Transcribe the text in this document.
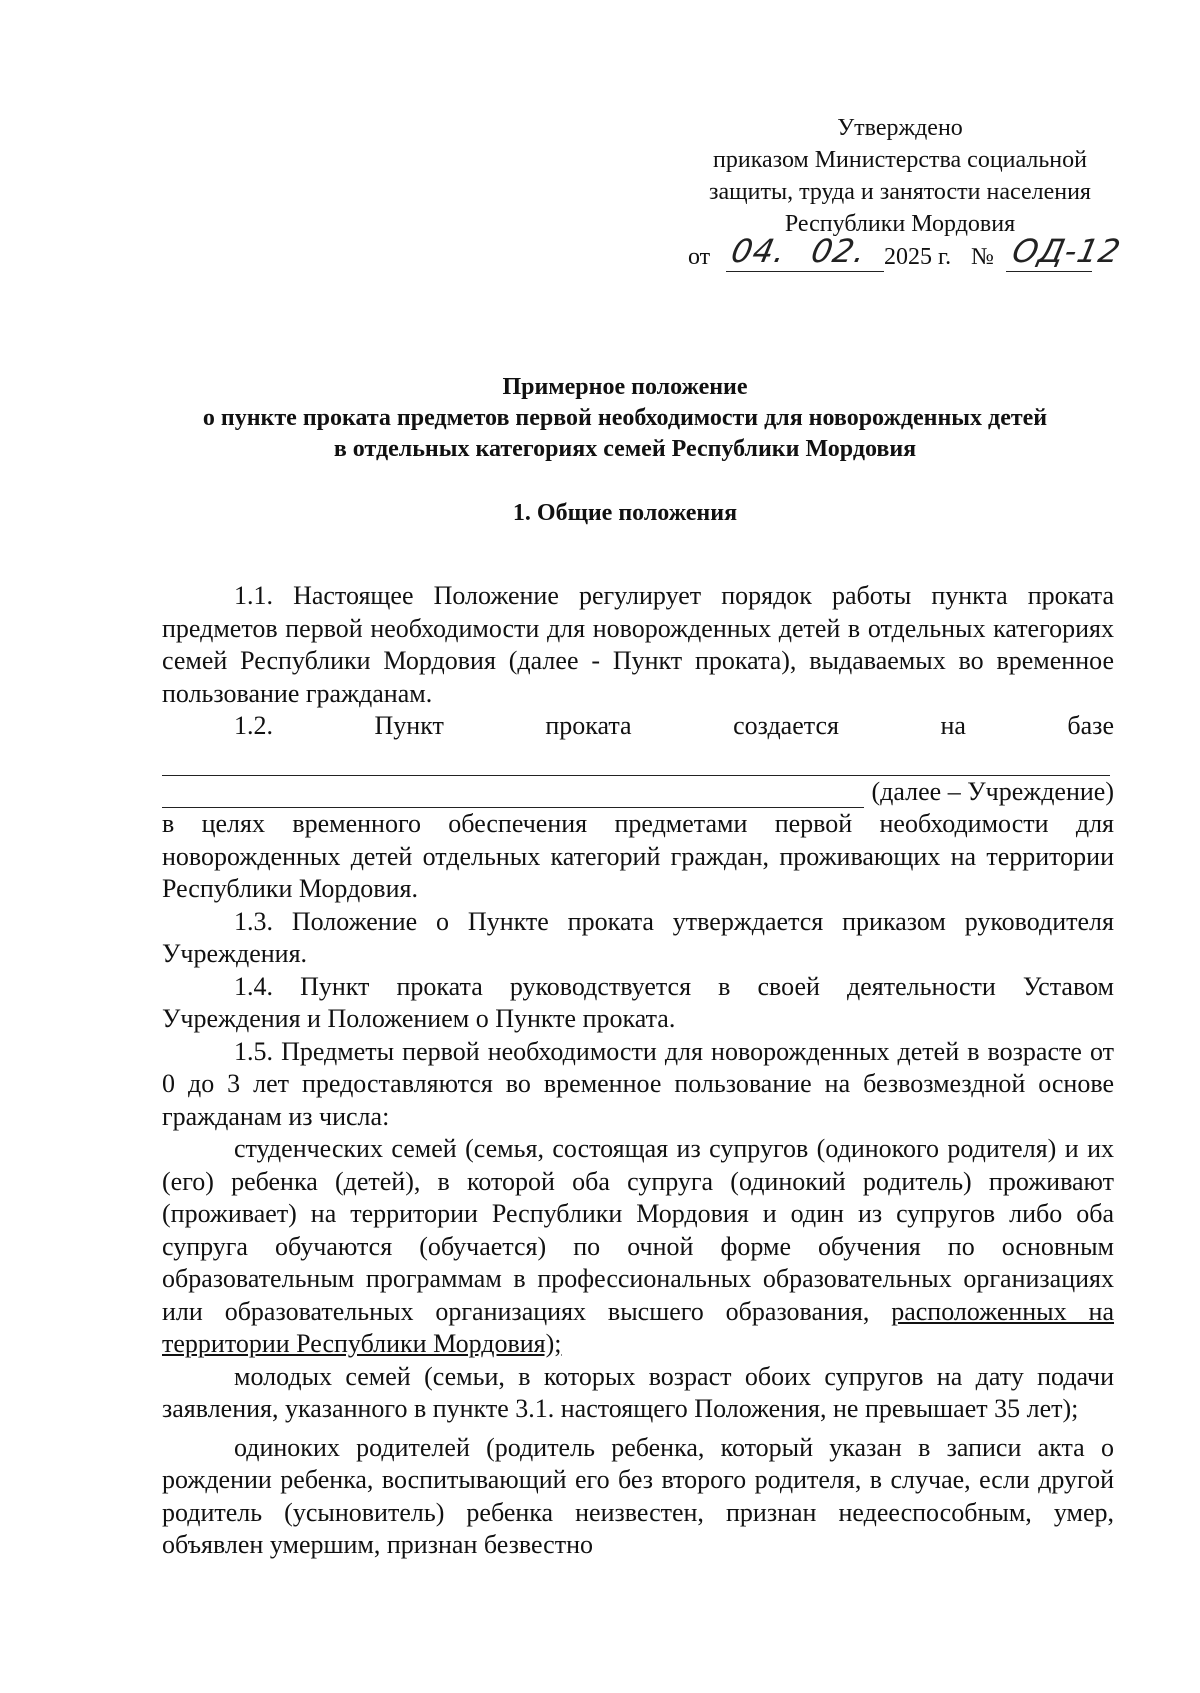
Утверждено
приказом Министерства социальной
защиты, труда и занятости населения
Республики Мордовия
от 04. 02. 2025 г. № ОД-12
Примерное положение
о пункте проката предметов первой необходимости для новорожденных детей
в отдельных категориях семей Республики Мордовия
1. Общие положения

1.1. Настоящее Положение регулирует порядок работы пункта проката предметов первой необходимости для новорожденных детей в отдельных категориях семей Республики Мордовия (далее - Пункт проката), выдаваемых во временное пользование гражданам.

1.2. Пункт проката создается на базе

(далее – Учреждение)

в целях временного обеспечения предметами первой необходимости для новорожденных детей отдельных категорий граждан, проживающих на территории Республики Мордовия.

1.3. Положение о Пункте проката утверждается приказом руководителя Учреждения.

1.4. Пункт проката руководствуется в своей деятельности Уставом Учреждения и Положением о Пункте проката.

1.5. Предметы первой необходимости для новорожденных детей в возрасте от 0 до 3 лет предоставляются во временное пользование на безвозмездной основе гражданам из числа:

студенческих семей (семья, состоящая из супругов (одинокого родителя) и их (его) ребенка (детей), в которой оба супруга (одинокий родитель) проживают (проживает) на территории Республики Мордовия и один из супругов либо оба супруга обучаются (обучается) по очной форме обучения по основным образовательным программам в профессиональных образовательных организациях или образовательных организациях высшего образования, расположенных на территории Республики Мордовия);

молодых семей (семьи, в которых возраст обоих супругов на дату подачи заявления, указанного в пункте 3.1. настоящего Положения, не превышает 35 лет);

одиноких родителей (родитель ребенка, который указан в записи акта о рождении ребенка, воспитывающий его без второго родителя, в случае, если другой родитель (усыновитель) ребенка неизвестен, признан недееспособным, умер, объявлен умершим, признан безвестно
